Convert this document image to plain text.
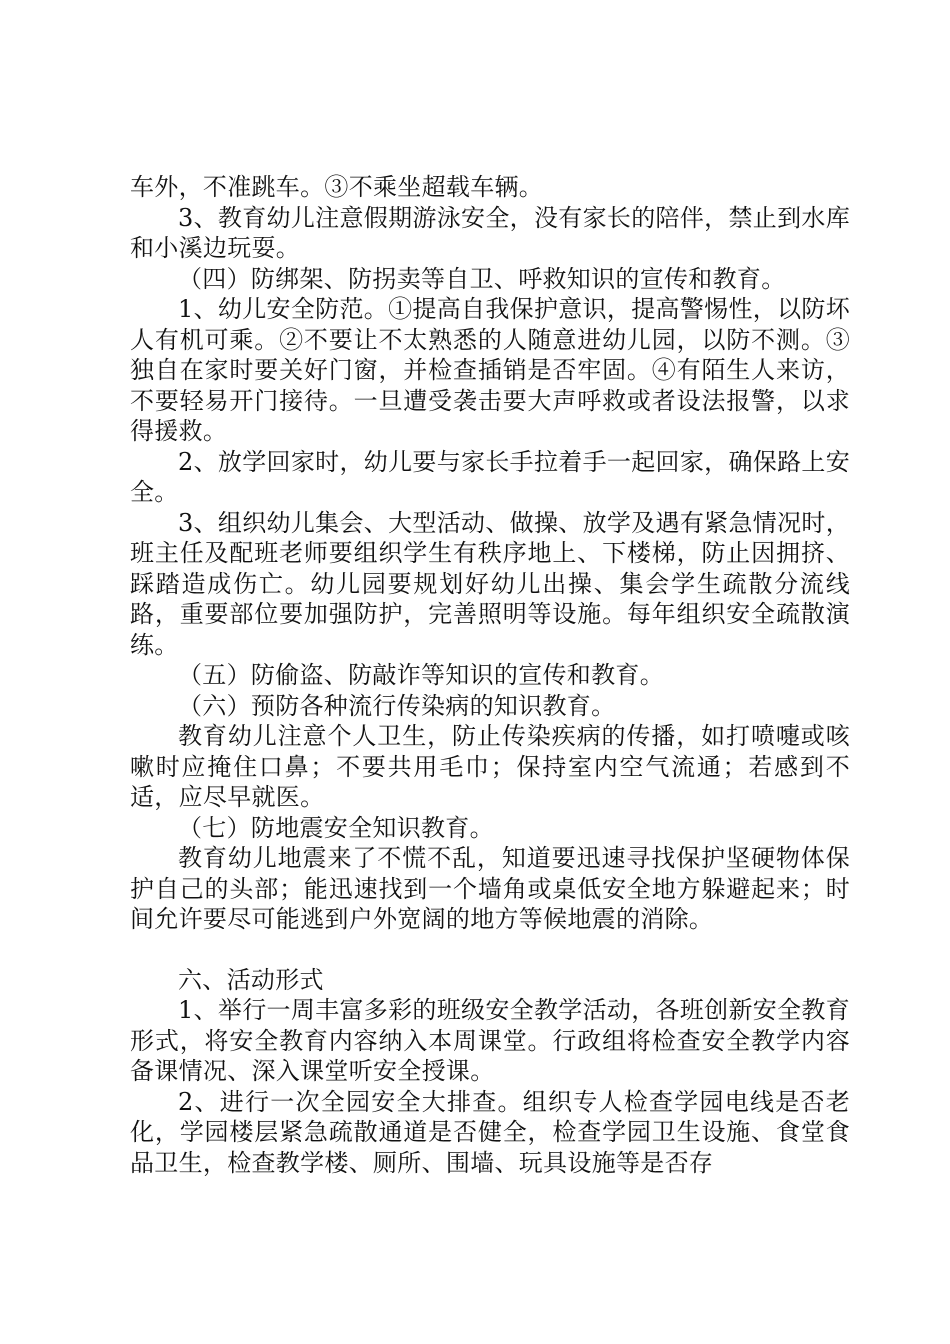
车外，不准跳车。③不乘坐超载车辆。

3、教育幼儿注意假期游泳安全，没有家长的陪伴，禁止到水库和小溪边玩耍。

（四）防绑架、防拐卖等自卫、呼救知识的宣传和教育。

1、幼儿安全防范。①提高自我保护意识，提高警惕性，以防坏人有机可乘。②不要让不太熟悉的人随意进幼儿园，以防不测。③独自在家时要关好门窗，并检查插销是否牢固。④有陌生人来访，不要轻易开门接待。一旦遭受袭击要大声呼救或者设法报警，以求得援救。

2、放学回家时，幼儿要与家长手拉着手一起回家，确保路上安全。

3、组织幼儿集会、大型活动、做操、放学及遇有紧急情况时，班主任及配班老师要组织学生有秩序地上、下楼梯，防止因拥挤、踩踏造成伤亡。幼儿园要规划好幼儿出操、集会学生疏散分流线路，重要部位要加强防护，完善照明等设施。每年组织安全疏散演练。

（五）防偷盗、防敲诈等知识的宣传和教育。

（六）预防各种流行传染病的知识教育。

教育幼儿注意个人卫生，防止传染疾病的传播，如打喷嚏或咳嗽时应掩住口鼻；不要共用毛巾；保持室内空气流通；若感到不适，应尽早就医。

（七）防地震安全知识教育。

教育幼儿地震来了不慌不乱，知道要迅速寻找保护坚硬物体保护自己的头部；能迅速找到一个墙角或桌低安全地方躲避起来；时间允许要尽可能逃到户外宽阔的地方等候地震的消除。

六、活动形式

1、举行一周丰富多彩的班级安全教学活动，各班创新安全教育形式，将安全教育内容纳入本周课堂。行政组将检查安全教学内容备课情况、深入课堂听安全授课。

2、进行一次全园安全大排查。组织专人检查学园电线是否老化，学园楼层紧急疏散通道是否健全，检查学园卫生设施、食堂食品卫生，检查教学楼、厕所、围墙、玩具设施等是否存
